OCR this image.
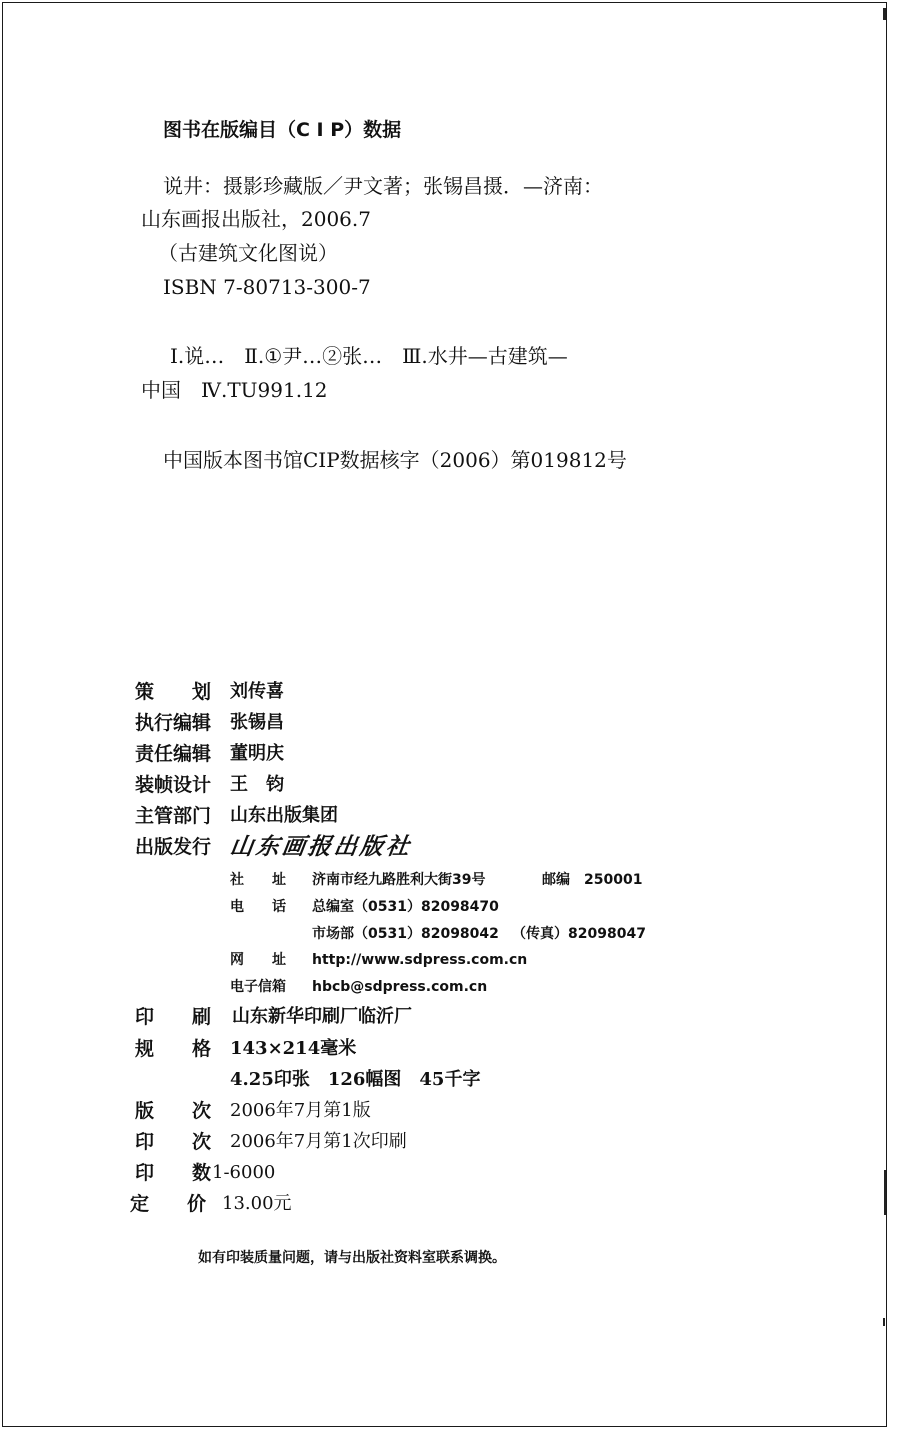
图书在版编目（C I P）数据
说井：摄影珍藏版／尹文著；张锡昌摄．—济南：
山东画报出版社，2006.7
（古建筑文化图说）
ISBN 7-80713-300-7
Ⅰ.说…　Ⅱ.①尹…②张…　Ⅲ.水井—古建筑—
中国　Ⅳ.TU991.12
中国版本图书馆CIP数据核字（2006）第019812号
策　　划 刘传喜
执行编辑 张锡昌
责任编辑 董明庆
装帧设计 王　钧
主管部门 山东出版集团
出版发行 山东画报出版社
社　　址 济南市经九路胜利大街39号	邮编 250001
电　　话 总编室（0531）82098470
市场部（0531）82098042 （传真）82098047
网　　址 http://www.sdpress.com.cn
电子信箱 hbcb@sdpress.com.cn
印　　刷 山东新华印刷厂临沂厂
规　　格 143×214毫米
4.25印张　126幅图　45千字
版　　次 2006年7月第1版
印　　次 2006年7月第1次印刷
印　　数 1-6000
定　　价 13.00元
如有印装质量问题，请与出版社资料室联系调换。
